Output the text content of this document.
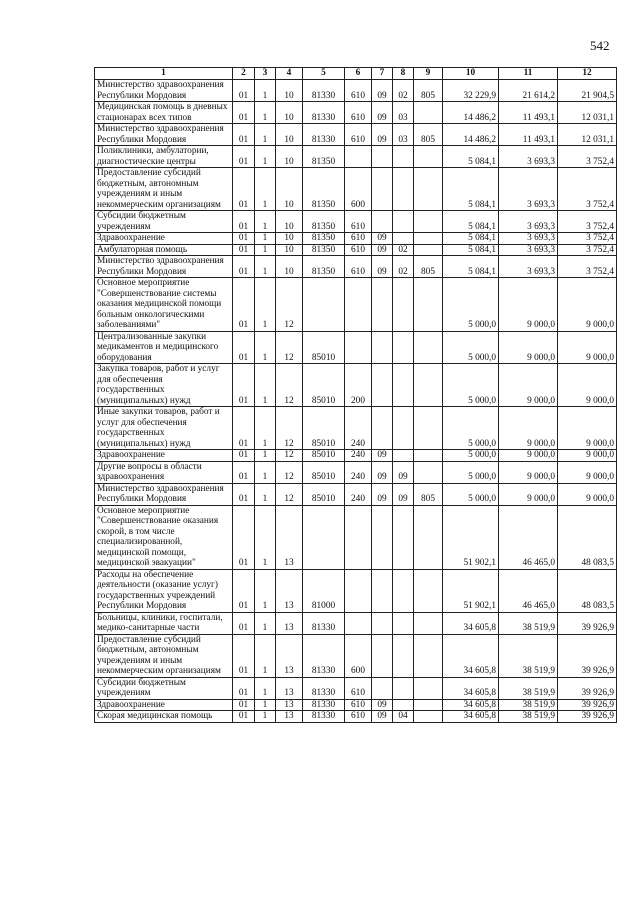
542
1	2	3	4	5	6	7	8	9	10	11	12
Министерство здравоохранения Республики Мордовия	01	1	10	81330	610	09	02	805	32 229,9	21 614,2	21 904,5
Медицинская помощь в дневных стационарах всех типов	01	1	10	81330	610	09	03		14 486,2	11 493,1	12 031,1
Министерство здравоохранения Республики Мордовия	01	1	10	81330	610	09	03	805	14 486,2	11 493,1	12 031,1
Поликлиники, амбулатории, диагностические центры	01	1	10	81350					5 084,1	3 693,3	3 752,4
Предоставление субсидий бюджетным, автономным учреждениям и иным некоммерческим организациям	01	1	10	81350	600				5 084,1	3 693,3	3 752,4
Субсидии бюджетным учреждениям	01	1	10	81350	610				5 084,1	3 693,3	3 752,4
Здравоохранение	01	1	10	81350	610	09			5 084,1	3 693,3	3 752,4
Амбулаторная помощь	01	1	10	81350	610	09	02		5 084,1	3 693,3	3 752,4
Министерство здравоохранения Республики Мордовия	01	1	10	81350	610	09	02	805	5 084,1	3 693,3	3 752,4
Основное мероприятие "Совершенствование системы оказания медицинской помощи больным онкологическими заболеваниями"	01	1	12						5 000,0	9 000,0	9 000,0
Централизованные закупки медикаментов и медицинского оборудования	01	1	12	85010					5 000,0	9 000,0	9 000,0
Закупка товаров, работ и услуг для обеспечения государственных (муниципальных) нужд	01	1	12	85010	200				5 000,0	9 000,0	9 000,0
Иные закупки товаров, работ и услуг для обеспечения государственных (муниципальных) нужд	01	1	12	85010	240				5 000,0	9 000,0	9 000,0
Здравоохранение	01	1	12	85010	240	09			5 000,0	9 000,0	9 000,0
Другие вопросы в области здравоохранения	01	1	12	85010	240	09	09		5 000,0	9 000,0	9 000,0
Министерство здравоохранения Республики Мордовия	01	1	12	85010	240	09	09	805	5 000,0	9 000,0	9 000,0
Основное мероприятие "Совершенствование оказания скорой, в том числе специализированной, медицинской помощи, медицинской эвакуации"	01	1	13						51 902,1	46 465,0	48 083,5
Расходы на обеспечение деятельности (оказание услуг) государственных учреждений Республики Мордовия	01	1	13	81000					51 902,1	46 465,0	48 083,5
Больницы, клиники, госпитали, медико-санитарные части	01	1	13	81330					34 605,8	38 519,9	39 926,9
Предоставление субсидий бюджетным, автономным учреждениям и иным некоммерческим организациям	01	1	13	81330	600				34 605,8	38 519,9	39 926,9
Субсидии бюджетным учреждениям	01	1	13	81330	610				34 605,8	38 519,9	39 926,9
Здравоохранение	01	1	13	81330	610	09			34 605,8	38 519,9	39 926,9
Скорая медицинская помощь	01	1	13	81330	610	09	04		34 605,8	38 519,9	39 926,9
